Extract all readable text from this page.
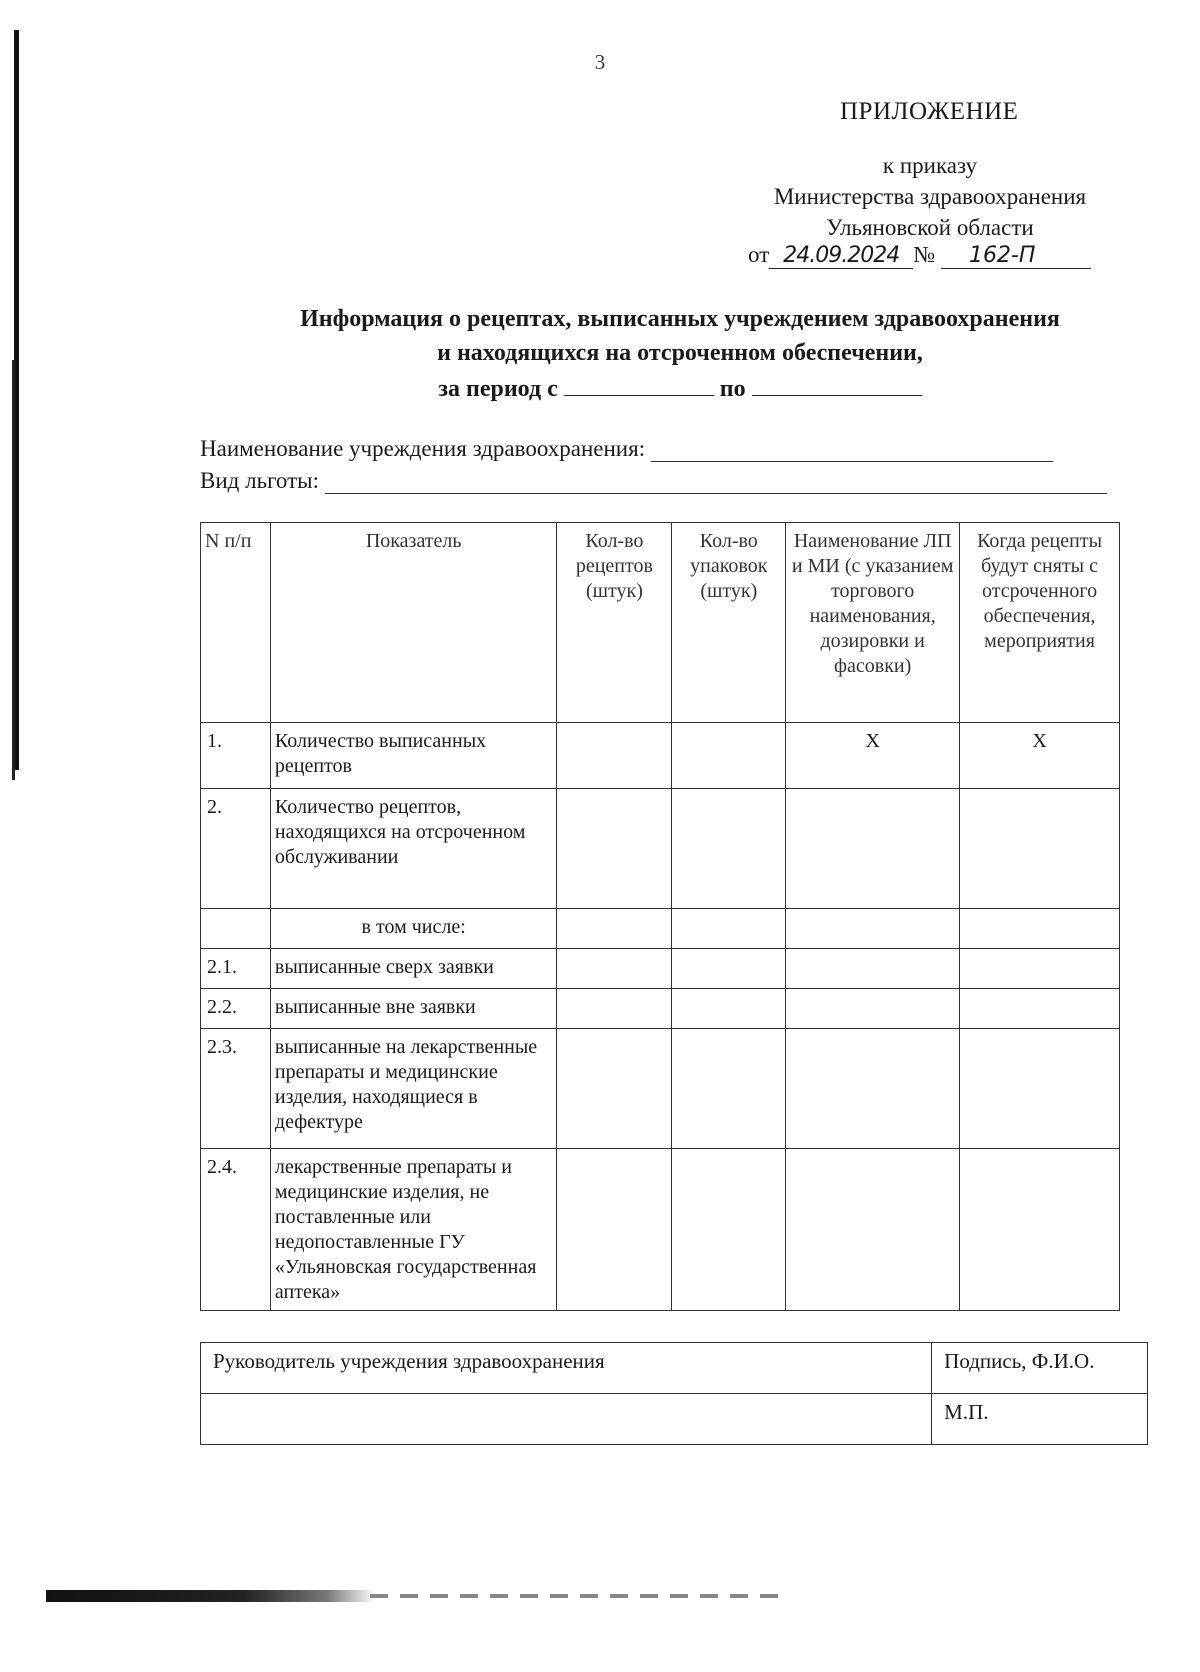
3
ПРИЛОЖЕНИЕ
к приказу
Министерства здравоохранения
Ульяновской области
от 24.09.2024 № 162-П
Информация о рецептах, выписанных учреждением здравоохранения
и находящихся на отсроченном обеспечении,
за период с	по
Наименование учреждения здравоохранения:
Вид льготы:
N п/п	Показатель	Кол-во рецептов (штук)	Кол-во упаковок (штук)	Наименование ЛП и МИ (с указанием торгового наименования, дозировки и фасовки)	Когда рецепты будут сняты с отсроченного обеспечения, мероприятия
1.	Количество выписанных рецептов			X	X
2.	Количество рецептов, находящихся на отсроченном обслуживании				
	в том числе:				
2.1.	выписанные сверх заявки				
2.2.	выписанные вне заявки				
2.3.	выписанные на лекарственные препараты и медицинские изделия, находящиеся в дефектуре				
2.4.	лекарственные препараты и медицинские изделия, не поставленные или недопоставленные ГУ «Ульяновская государственная аптека»				
Руководитель учреждения здравоохранения	Подпись, Ф.И.О.
	М.П.
